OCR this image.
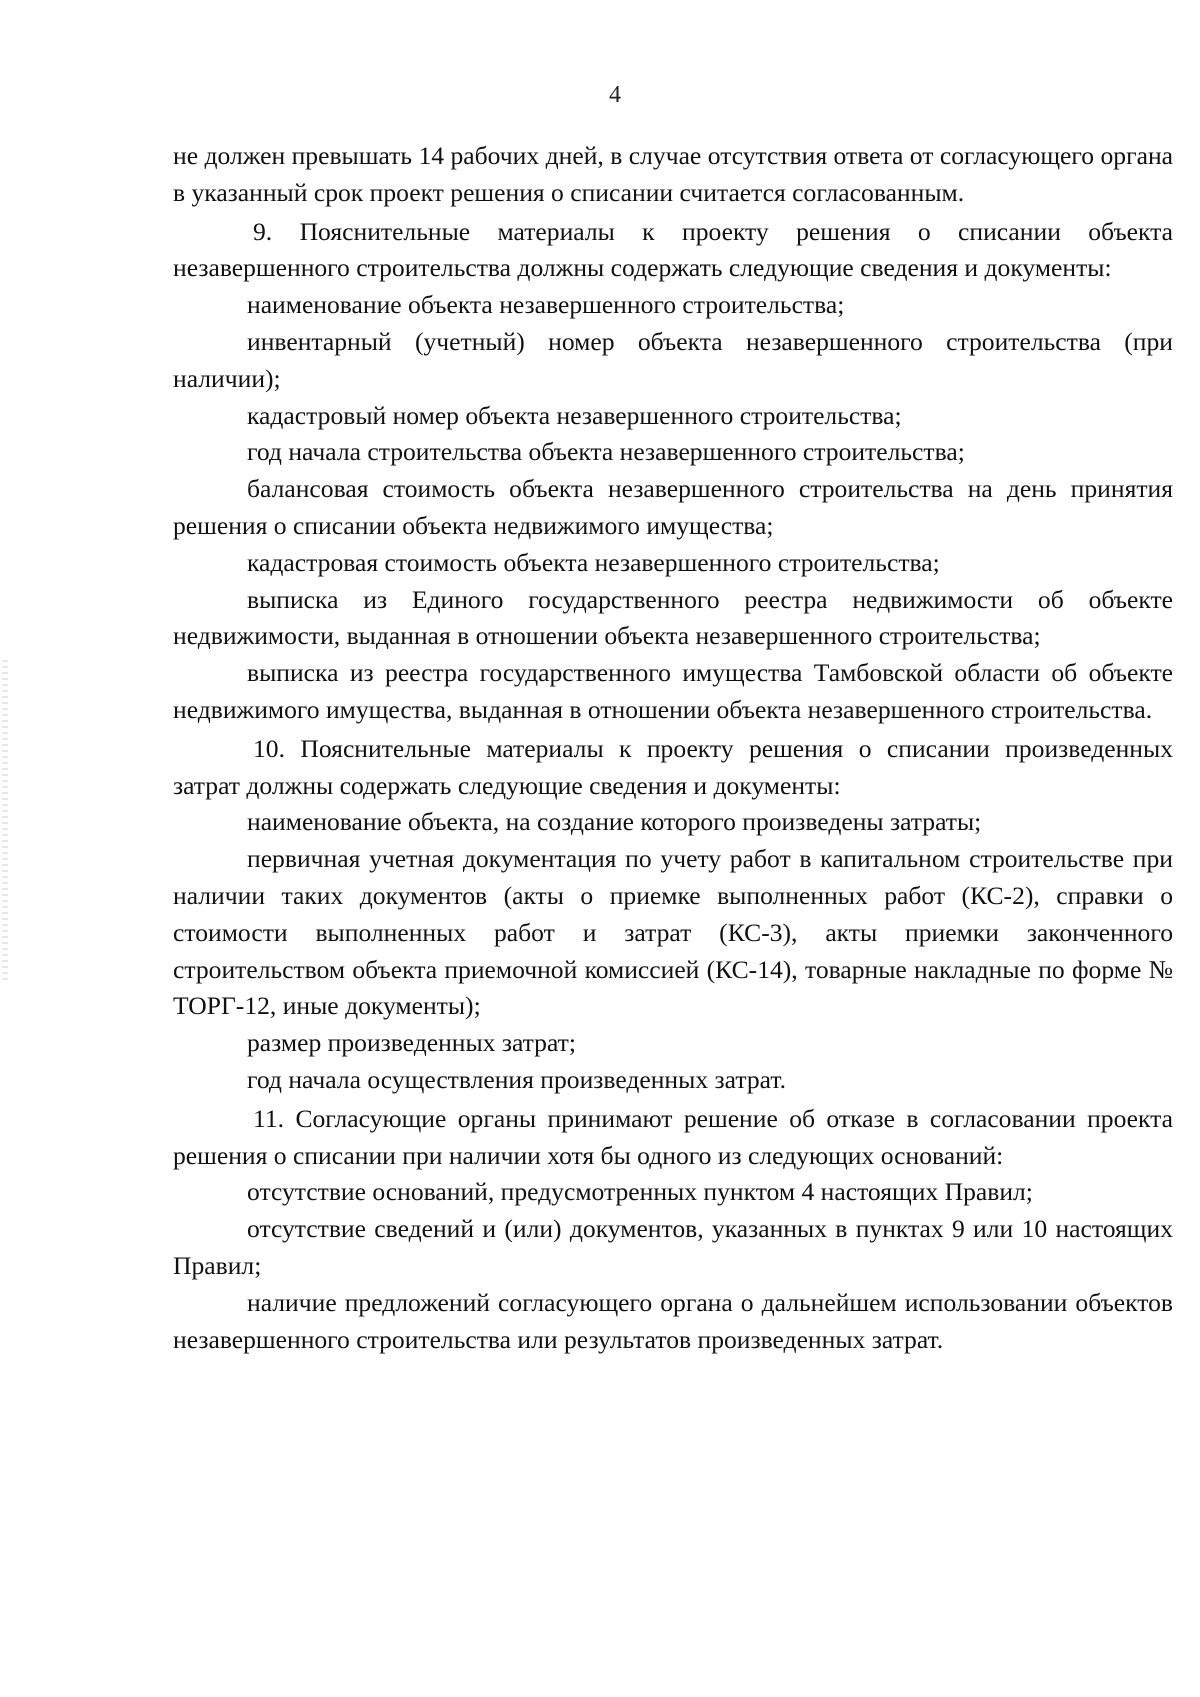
4

не должен превышать 14 рабочих дней, в случае отсутствия ответа от согласующего органа в указанный срок проект решения о списании считается согласованным.

9. Пояснительные материалы к проекту решения о списании объекта незавершенного строительства должны содержать следующие сведения и документы:

наименование объекта незавершенного строительства;

инвентарный (учетный) номер объекта незавершенного строительства (при наличии);

кадастровый номер объекта незавершенного строительства;

год начала строительства объекта незавершенного строительства;

балансовая стоимость объекта незавершенного строительства на день принятия решения о списании объекта недвижимого имущества;

кадастровая стоимость объекта незавершенного строительства;

выписка из Единого государственного реестра недвижимости об объекте недвижимости, выданная в отношении объекта незавершенного строительства;

выписка из реестра государственного имущества Тамбовской области об объекте недвижимого имущества, выданная в отношении объекта незавершенного строительства.

10. Пояснительные материалы к проекту решения о списании произведенных затрат должны содержать следующие сведения и документы:

наименование объекта, на создание которого произведены затраты;

первичная учетная документация по учету работ в капитальном строительстве при наличии таких документов (акты о приемке выполненных работ (КС-2), справки о стоимости выполненных работ и затрат (КС-3), акты приемки законченного строительством объекта приемочной комиссией (КС-14), товарные накладные по форме № ТОРГ-12, иные документы);

размер произведенных затрат;

год начала осуществления произведенных затрат.

11. Согласующие органы принимают решение об отказе в согласовании проекта решения о списании при наличии хотя бы одного из следующих оснований:

отсутствие оснований, предусмотренных пунктом 4 настоящих Правил;

отсутствие сведений и (или) документов, указанных в пунктах 9 или 10 настоящих Правил;

наличие предложений согласующего органа о дальнейшем использовании объектов незавершенного строительства или результатов произведенных затрат.
